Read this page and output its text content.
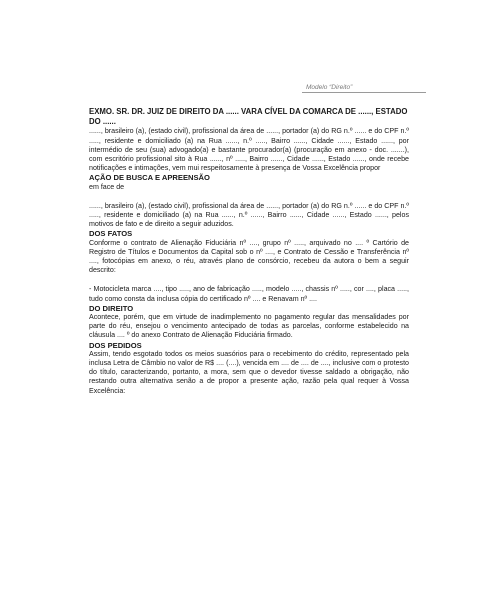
Modelo “Direito”

EXMO. SR. DR. JUIZ DE DIREITO DA ...... VARA CÍVEL DA COMARCA DE ......, ESTADO DO ......

......, brasileiro (a), (estado civil), profissional da área de ......, portador (a) do RG n.º ...... e do CPF n.º ....., residente e domiciliado (a) na Rua ......, n.º ....., Bairro ......, Cidade ......, Estado ......, por intermédio de seu (sua) advogado(a) e bastante procurador(a) (procuração em anexo - doc. .......), com escritório profissional sito à Rua ......, nº ....., Bairro ......, Cidade ......, Estado ......, onde recebe notificações e intimações, vem mui respeitosamente à presença de Vossa Excelência propor

AÇÃO DE BUSCA E APREENSÃO

em face de

......, brasileiro (a), (estado civil), profissional da área de ......, portador (a) do RG n.º ...... e do CPF n.º ....., residente e domiciliado (a) na Rua ......, n.º ......, Bairro ......, Cidade ......, Estado ......, pelos motivos de fato e de direito a seguir aduzidos.

DOS FATOS

Conforme o contrato de Alienação Fiduciária nº ...., grupo nº ....., arquivado no .... º Cartório de Registro de Títulos e Documentos da Capital sob o nº ...., e Contrato de Cessão e Transferência nº ...., fotocópias em anexo, o réu, através plano de consórcio, recebeu da autora o bem a seguir descrito:

- Motocicleta marca ...., tipo ....., ano de fabricação ....., modelo ....., chassis nº ....., cor ...., placa ....., tudo como consta da inclusa cópia do certificado nº .... e Renavam nº ....

DO DIREITO

Acontece, porém, que em virtude de inadimplemento no pagamento regular das mensalidades por parte do réu, ensejou o vencimento antecipado de todas as parcelas, conforme estabelecido na cláusula .... º do anexo Contrato de Alienação Fiduciária firmado.

DOS PEDIDOS

Assim, tendo esgotado todos os meios suasórios para o recebimento do crédito, representado pela inclusa Letra de Câmbio no valor de R$ .... (....), vencida em .... de .... de ...., inclusive com o protesto do título, caracterizando, portanto, a mora, sem que o devedor tivesse saldado a obrigação, não restando outra alternativa senão a de propor a presente ação, razão pela qual requer à Vossa Excelência:
